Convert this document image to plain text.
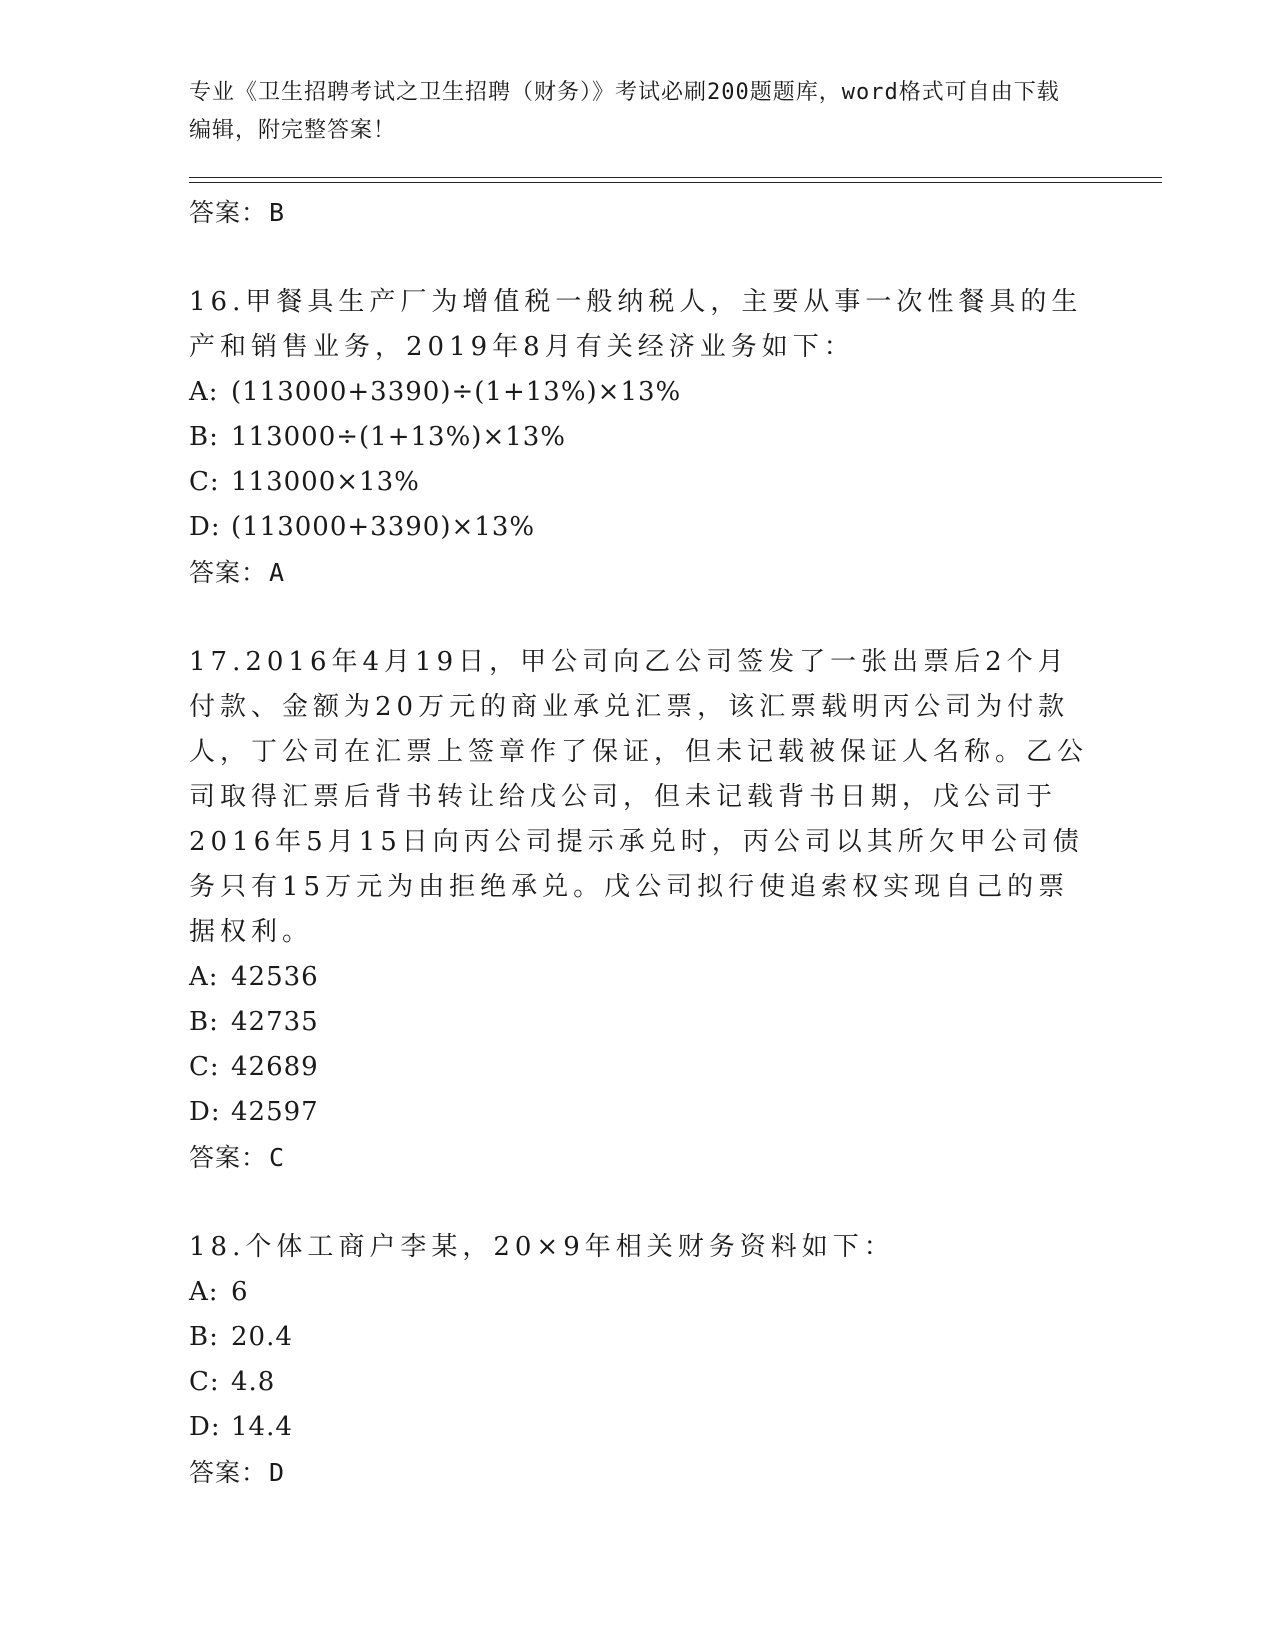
专业《卫生招聘考试之卫生招聘（财务）》考试必刷200题题库，word格式可自由下载编辑，附完整答案！
答案：B

16.甲餐具生产厂为增值税一般纳税人，主要从事一次性餐具的生产和销售业务，2019年8月有关经济业务如下：

A: (113000+3390)÷(1+13%)×13%
B: 113000÷(1+13%)×13%
C: 113000×13%
D: (113000+3390)×13%
答案：A

17.2016年4月19日，甲公司向乙公司签发了一张出票后2个月付款、金额为20万元的商业承兑汇票，该汇票载明丙公司为付款人，丁公司在汇票上签章作了保证，但未记载被保证人名称。乙公司取得汇票后背书转让给戊公司，但未记载背书日期，戊公司于2016年5月15日向丙公司提示承兑时，丙公司以其所欠甲公司债务只有15万元为由拒绝承兑。戊公司拟行使追索权实现自己的票据权利。

A: 42536
B: 42735
C: 42689
D: 42597
答案：C

18.个体工商户李某，20×9年相关财务资料如下：

A: 6
B: 20.4
C: 4.8
D: 14.4
答案：D
